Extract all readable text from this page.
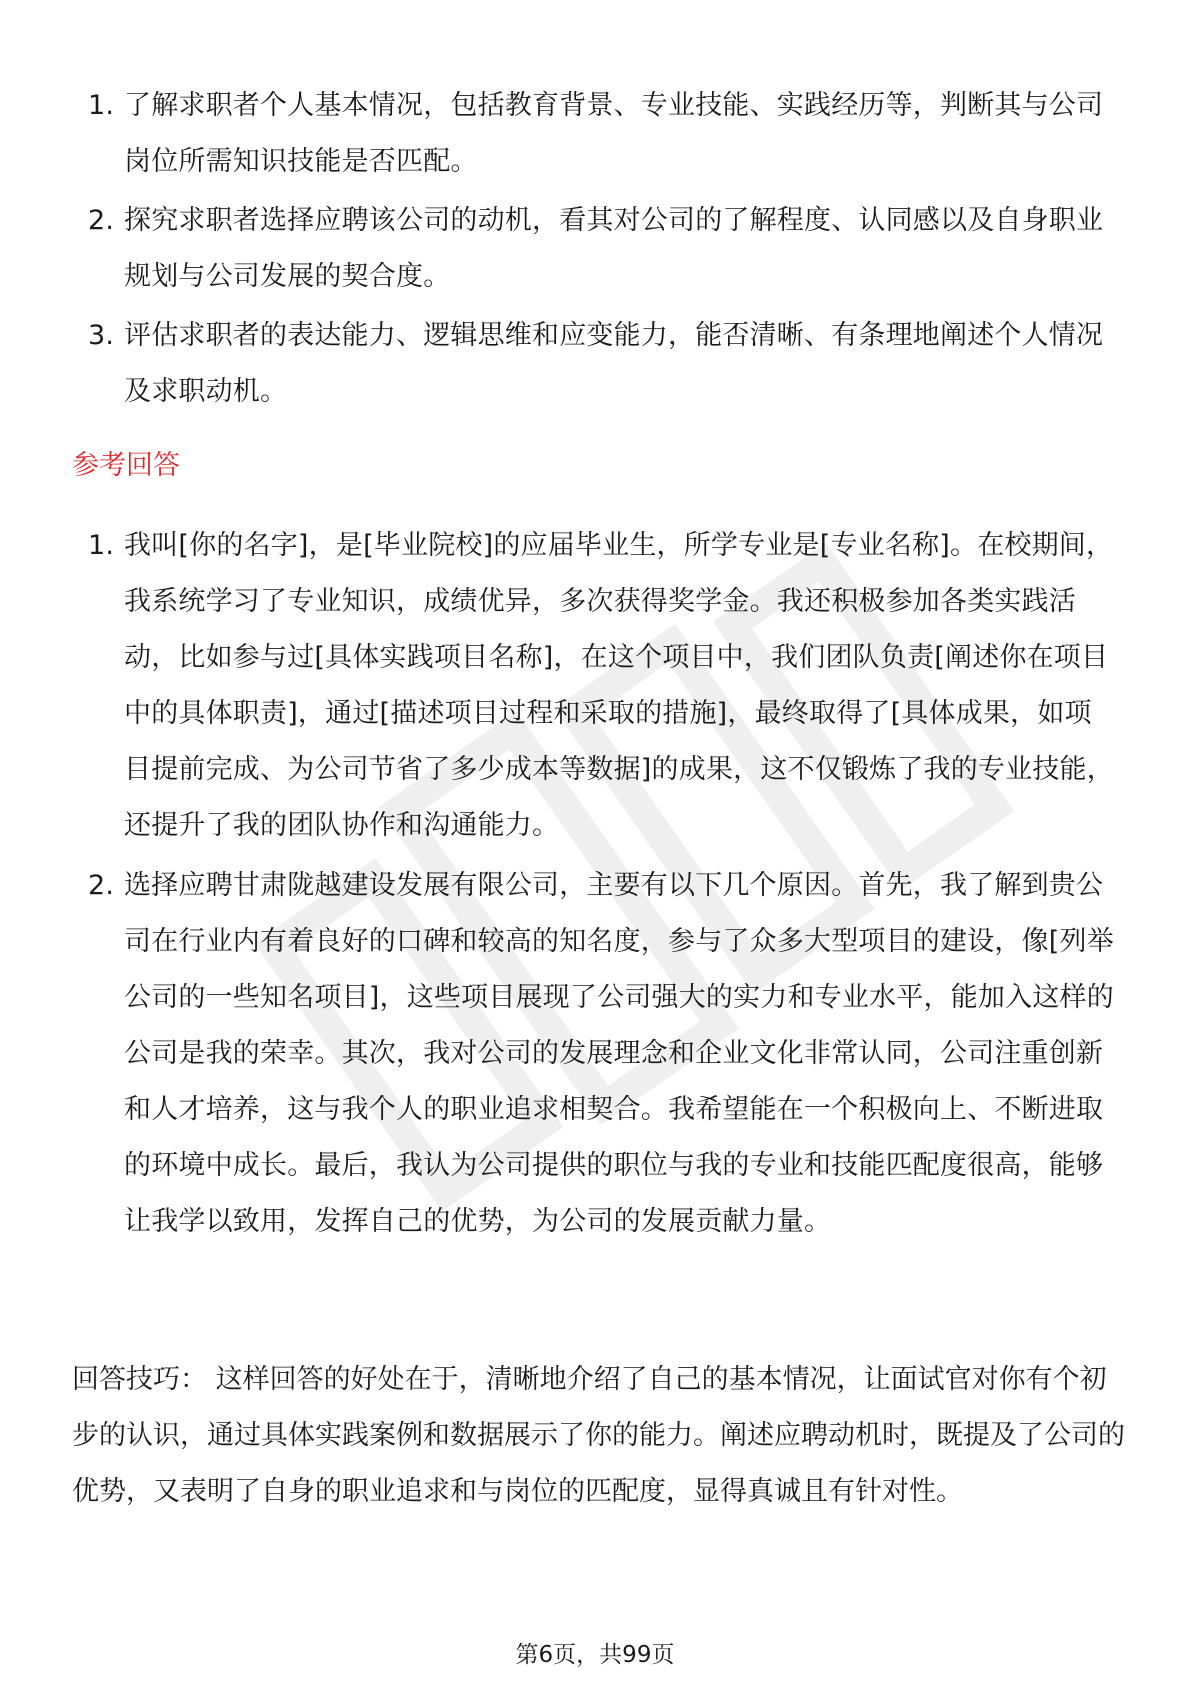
1. 了解求职者个人基本情况，包括教育背景、专业技能、实践经历等，判断其与公司岗位所需知识技能是否匹配。
2. 探究求职者选择应聘该公司的动机，看其对公司的了解程度、认同感以及自身职业规划与公司发展的契合度。
3. 评估求职者的表达能力、逻辑思维和应变能力，能否清晰、有条理地阐述个人情况及求职动机。
参考回答
1. 我叫[你的名字]，是[毕业院校]的应届毕业生，所学专业是[专业名称]。在校期间，我系统学习了专业知识，成绩优异，多次获得奖学金。我还积极参加各类实践活动，比如参与过[具体实践项目名称]，在这个项目中，我们团队负责[阐述你在项目中的具体职责]，通过[描述项目过程和采取的措施]，最终取得了[具体成果，如项目提前完成、为公司节省了多少成本等数据]的成果，这不仅锻炼了我的专业技能，还提升了我的团队协作和沟通能力。
2. 选择应聘甘肃陇越建设发展有限公司，主要有以下几个原因。首先，我了解到贵公司在行业内有着良好的口碑和较高的知名度，参与了众多大型项目的建设，像[列举公司的一些知名项目]，这些项目展现了公司强大的实力和专业水平，能加入这样的公司是我的荣幸。其次，我对公司的发展理念和企业文化非常认同，公司注重创新和人才培养，这与我个人的职业追求相契合。我希望能在一个积极向上、不断进取的环境中成长。最后，我认为公司提供的职位与我的专业和技能匹配度很高，能够让我学以致用，发挥自己的优势，为公司的发展贡献力量。

回答技巧： 这样回答的好处在于，清晰地介绍了自己的基本情况，让面试官对你有个初步的认识，通过具体实践案例和数据展示了你的能力。阐述应聘动机时，既提及了公司的优势，又表明了自身的职业追求和与岗位的匹配度，显得真诚且有针对性。

第6页，共99页
